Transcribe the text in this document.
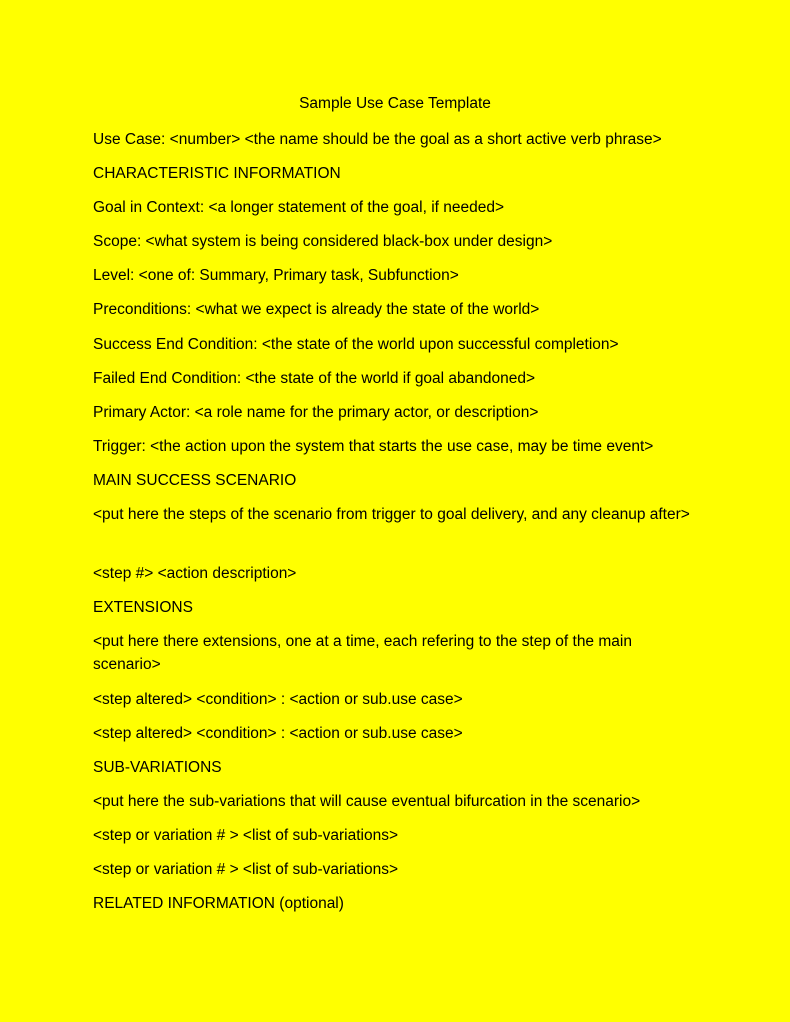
Sample Use Case Template
Use Case: <number> <the name should be the goal as a short active verb phrase>
CHARACTERISTIC INFORMATION
Goal in Context: <a longer statement of the goal, if needed>
Scope: <what system is being considered black-box under design>
Level: <one of: Summary, Primary task, Subfunction>
Preconditions: <what we expect is already the state of the world>
Success End Condition: <the state of the world upon successful completion>
Failed End Condition: <the state of the world if goal abandoned>
Primary Actor: <a role name for the primary actor, or description>
Trigger: <the action upon the system that starts the use case, may be time event>
MAIN SUCCESS SCENARIO
<put here the steps of the scenario from trigger to goal delivery, and any cleanup after>
<step #> <action description>
EXTENSIONS
<put here there extensions, one at a time, each refering to the step of the main scenario>
<step altered> <condition> : <action or sub.use case>
<step altered> <condition> : <action or sub.use case>
SUB-VARIATIONS
<put here the sub-variations that will cause eventual bifurcation in the scenario>
<step or variation # > <list of sub-variations>
<step or variation # > <list of sub-variations>
RELATED INFORMATION (optional)
